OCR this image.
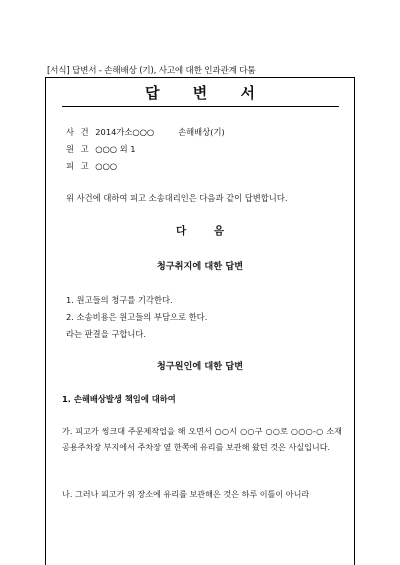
[서식] 답변서 - 손해배상 (기), 사고에 대한 인과관계 다툼
답 변 서
사 건 2014가소○○○	손해배상(기)
원 고 ○○○ 외 1
피 고 ○○○
위 사건에 대하여 피고 소송대리인은 다음과 같이 답변합니다.
다 음
청구취지에 대한 답변
1. 원고들의 청구를 기각한다.
2. 소송비용은 원고들의 부담으로 한다.
라는 판결을 구합니다.
청구원인에 대한 답변
1. 손해배상발생 책임에 대하여
가. 피고가 씽크대 주문제작업을 해 오면서 ○○시 ○○구 ○○로 ○○○-○ 소재 공용주차장 부지에서 주차장 옆 한쪽에 유리를 보관해 왔던 것은 사실입니다.
나. 그러나 피고가 위 장소에 유리를 보관해은 것은 하루 이틀이 아니라
